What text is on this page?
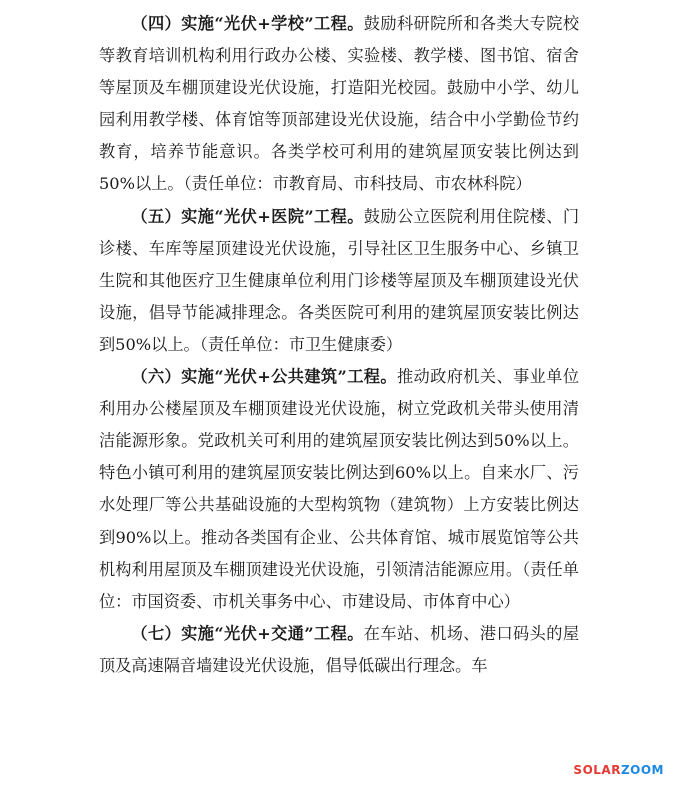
（四）实施“光伏+学校”工程。鼓励科研院所和各类大专院校等教育培训机构利用行政办公楼、实验楼、教学楼、图书馆、宿舍等屋顶及车棚顶建设光伏设施，打造阳光校园。鼓励中小学、幼儿园利用教学楼、体育馆等顶部建设光伏设施，结合中小学勤俭节约教育，培养节能意识。各类学校可利用的建筑屋顶安装比例达到50%以上。（责任单位：市教育局、市科技局、市农林科院）

（五）实施“光伏+医院”工程。鼓励公立医院利用住院楼、门诊楼、车库等屋顶建设光伏设施，引导社区卫生服务中心、乡镇卫生院和其他医疗卫生健康单位利用门诊楼等屋顶及车棚顶建设光伏设施，倡导节能减排理念。各类医院可利用的建筑屋顶安装比例达到50%以上。（责任单位：市卫生健康委）

（六）实施“光伏+公共建筑”工程。推动政府机关、事业单位利用办公楼屋顶及车棚顶建设光伏设施，树立党政机关带头使用清洁能源形象。党政机关可利用的建筑屋顶安装比例达到50%以上。特色小镇可利用的建筑屋顶安装比例达到60%以上。自来水厂、污水处理厂等公共基础设施的大型构筑物（建筑物）上方安装比例达到90%以上。推动各类国有企业、公共体育馆、城市展览馆等公共机构利用屋顶及车棚顶建设光伏设施，引领清洁能源应用。（责任单位：市国资委、市机关事务中心、市建设局、市体育中心）

（七）实施“光伏+交通”工程。在车站、机场、港口码头的屋顶及高速隔音墙建设光伏设施，倡导低碳出行理念。车

SOLARZOOM
